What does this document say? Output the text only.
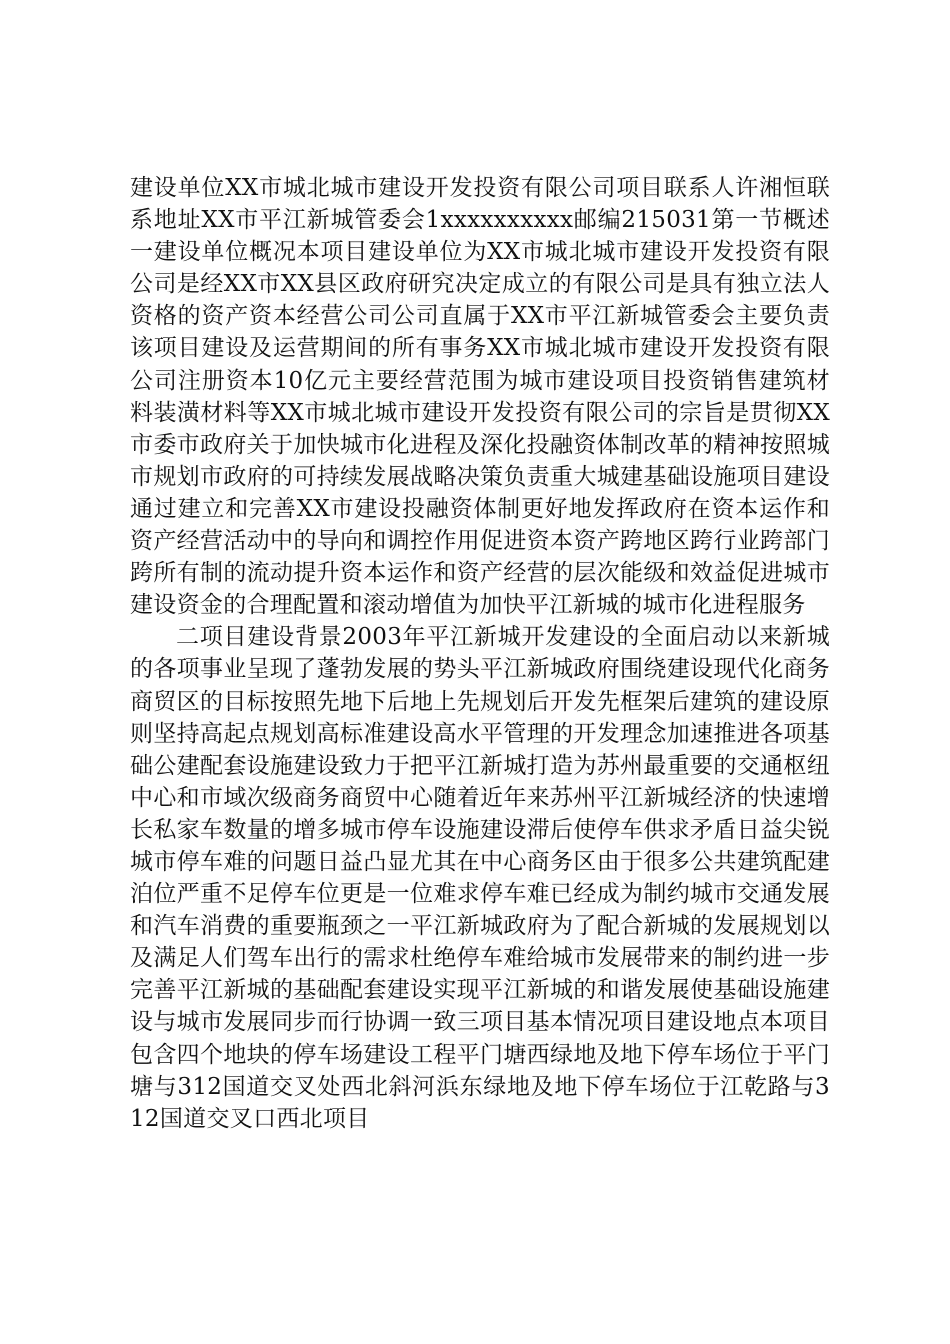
建设单位XX市城北城市建设开发投资有限公司项目联系人许湘恒联系地址XX市平江新城管委会1xxxxxxxxxx邮编215031第一节概述一建设单位概况本项目建设单位为XX市城北城市建设开发投资有限公司是经XX市XX县区政府研究决定成立的有限公司是具有独立法人资格的资产资本经营公司公司直属于XX市平江新城管委会主要负责该项目建设及运营期间的所有事务XX市城北城市建设开发投资有限公司注册资本10亿元主要经营范围为城市建设项目投资销售建筑材料装潢材料等XX市城北城市建设开发投资有限公司的宗旨是贯彻XX市委市政府关于加快城市化进程及深化投融资体制改革的精神按照城市规划市政府的可持续发展战略决策负责重大城建基础设施项目建设通过建立和完善XX市建设投融资体制更好地发挥政府在资本运作和资产经营活动中的导向和调控作用促进资本资产跨地区跨行业跨部门跨所有制的流动提升资本运作和资产经营的层次能级和效益促进城市建设资金的合理配置和滚动增值为加快平江新城的城市化进程服务

二项目建设背景2003年平江新城开发建设的全面启动以来新城的各项事业呈现了蓬勃发展的势头平江新城政府围绕建设现代化商务商贸区的目标按照先地下后地上先规划后开发先框架后建筑的建设原则坚持高起点规划高标准建设高水平管理的开发理念加速推进各项基础公建配套设施建设致力于把平江新城打造为苏州最重要的交通枢纽中心和市域次级商务商贸中心随着近年来苏州平江新城经济的快速增长私家车数量的增多城市停车设施建设滞后使停车供求矛盾日益尖锐城市停车难的问题日益凸显尤其在中心商务区由于很多公共建筑配建泊位严重不足停车位更是一位难求停车难已经成为制约城市交通发展和汽车消费的重要瓶颈之一平江新城政府为了配合新城的发展规划以及满足人们驾车出行的需求杜绝停车难给城市发展带来的制约进一步完善平江新城的基础配套建设实现平江新城的和谐发展使基础设施建设与城市发展同步而行协调一致三项目基本情况项目建设地点本项目包含四个地块的停车场建设工程平门塘西绿地及地下停车场位于平门塘与312国道交叉处西北斜河浜东绿地及地下停车场位于江乾路与312国道交叉口西北项目
